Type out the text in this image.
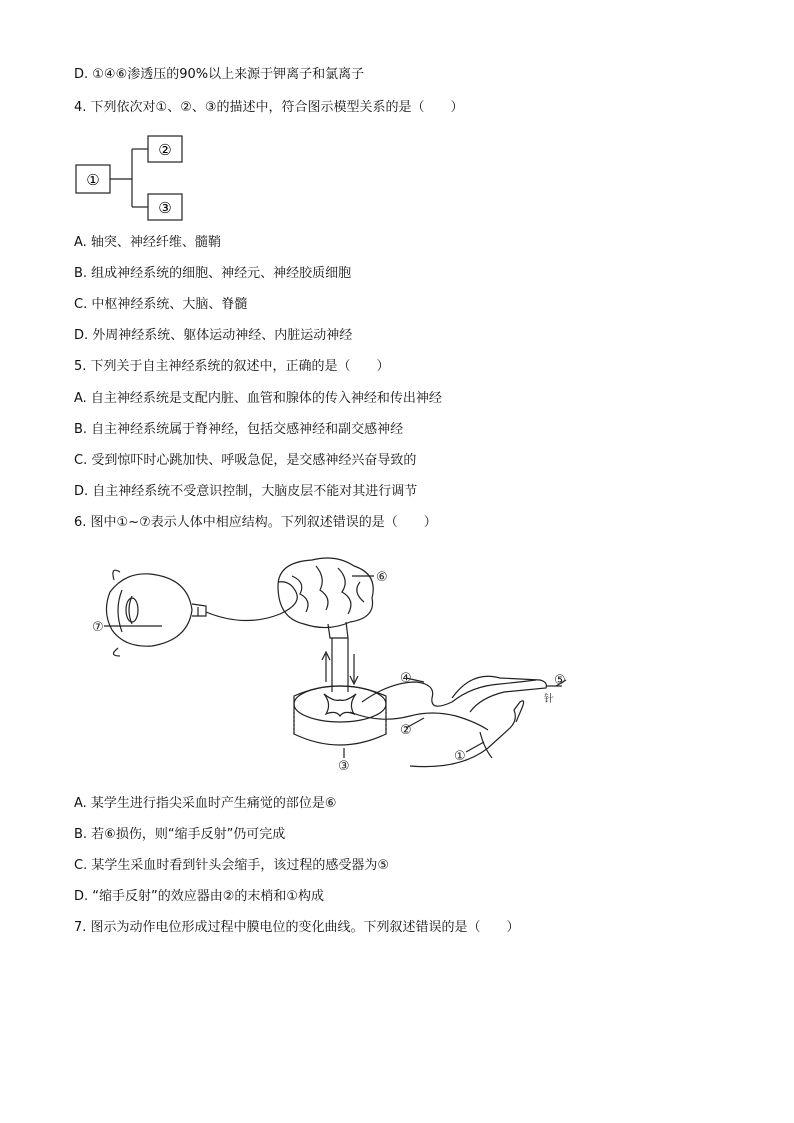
D. ①④⑥渗透压的90%以上来源于钾离子和氯离子
4. 下列依次对①、②、③的描述中，符合图示模型关系的是（　　）
①
②
③
A. 轴突、神经纤维、髓鞘
B. 组成神经系统的细胞、神经元、神经胶质细胞
C. 中枢神经系统、大脑、脊髓
D. 外周神经系统、躯体运动神经、内脏运动神经
5. 下列关于自主神经系统的叙述中，正确的是（　　）
A. 自主神经系统是支配内脏、血管和腺体的传入神经和传出神经
B. 自主神经系统属于脊神经，包括交感神经和副交感神经
C. 受到惊吓时心跳加快、呼吸急促，是交感神经兴奋导致的
D. 自主神经系统不受意识控制，大脑皮层不能对其进行调节
6. 图中①~⑦表示人体中相应结构。下列叙述错误的是（　　）
⑦
⑥
④	⑤
针
②
①
③
A. 某学生进行指尖采血时产生痛觉的部位是⑥
B. 若⑥损伤，则“缩手反射”仍可完成
C. 某学生采血时看到针头会缩手，该过程的感受器为⑤
D. “缩手反射”的效应器由②的末梢和①构成
7. 图示为动作电位形成过程中膜电位的变化曲线。下列叙述错误的是（　　）
